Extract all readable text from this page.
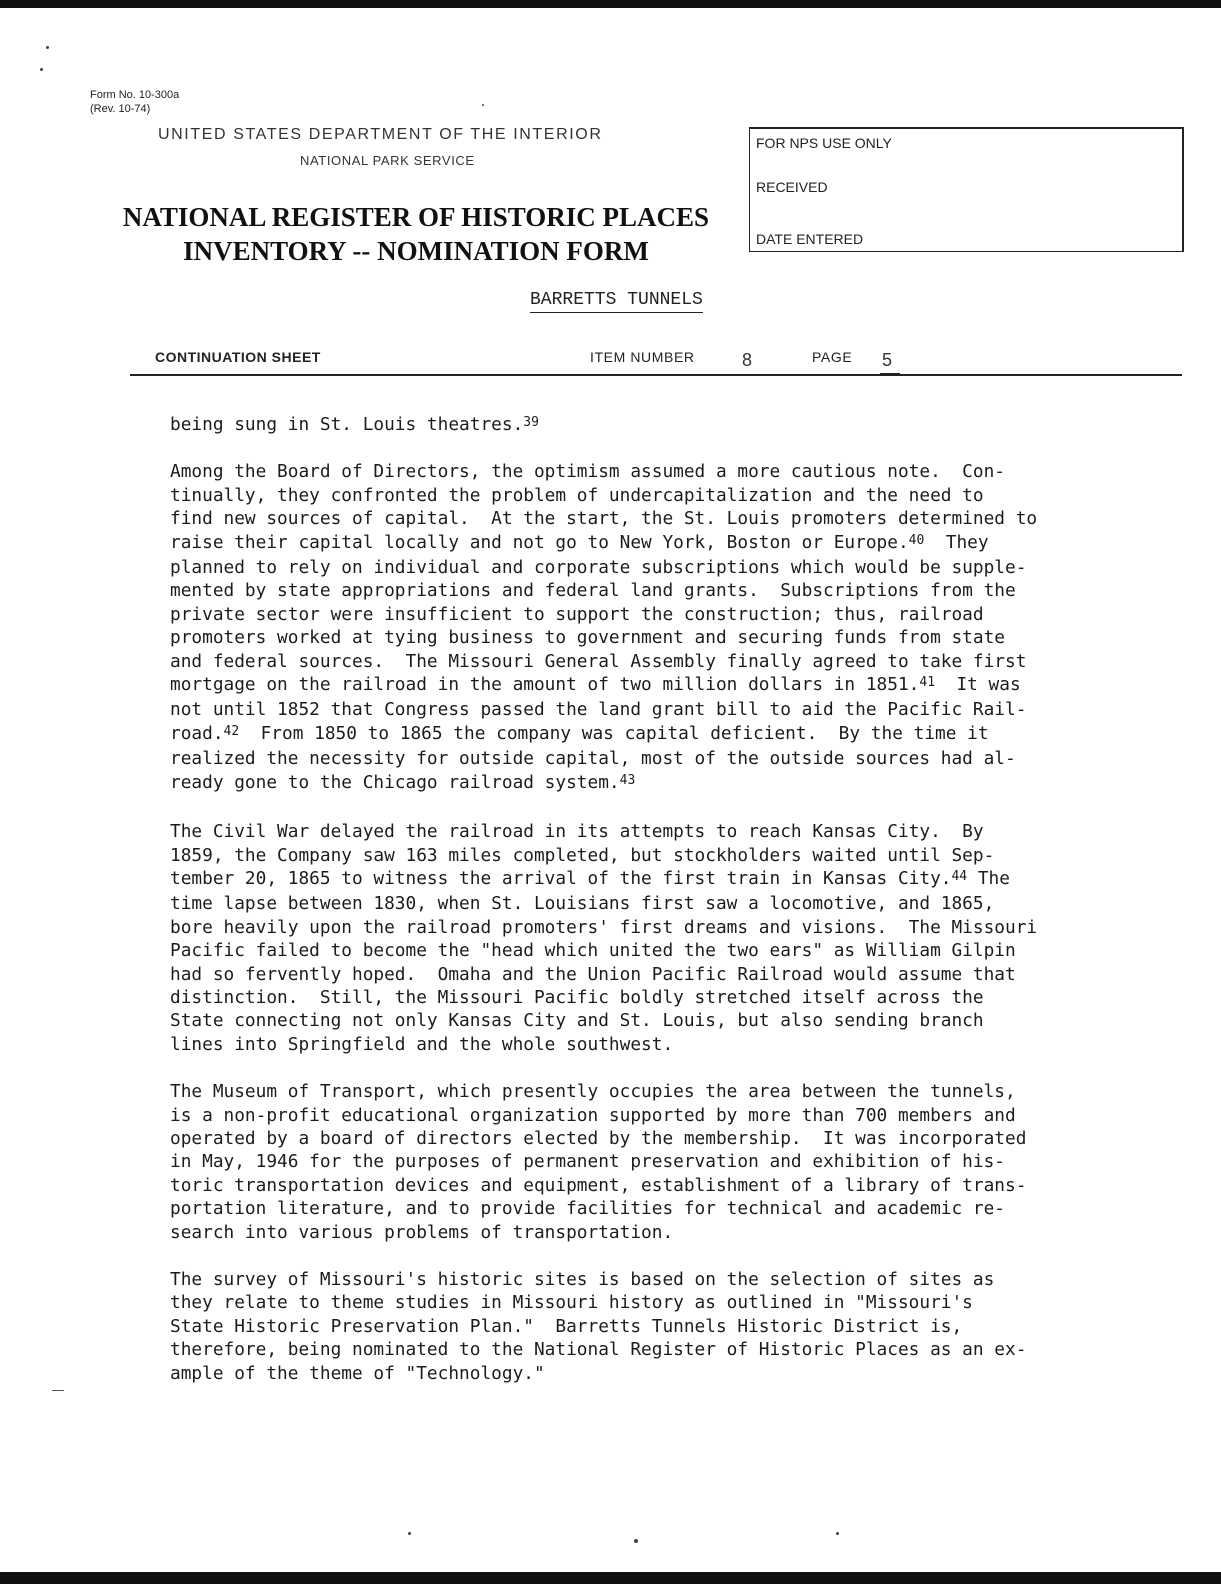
Form No. 10-300a
(Rev. 10-74)
UNITED STATES DEPARTMENT OF THE INTERIOR
NATIONAL PARK SERVICE
NATIONAL REGISTER OF HISTORIC PLACES
INVENTORY -- NOMINATION FORM
FOR NPS USE ONLY
RECEIVED
DATE ENTERED
BARRETTS TUNNELS
CONTINUATION SHEET	ITEM NUMBER	8	PAGE 5

being sung in St. Louis theatres.$^{39}$

Among the Board of Directors, the optimism assumed a more cautious note.  Con-
tinually, they confronted the problem of undercapitalization and the need to
find new sources of capital.  At the start, the St. Louis promoters determined to
raise their capital locally and not go to New York, Boston or Europe.$^{40}$  They
planned to rely on individual and corporate subscriptions which would be supple-
mented by state appropriations and federal land grants.  Subscriptions from the
private sector were insufficient to support the construction; thus, railroad
promoters worked at tying business to government and securing funds from state
and federal sources.  The Missouri General Assembly finally agreed to take first
mortgage on the railroad in the amount of two million dollars in 1851.41  It was
not until 1852 that Congress passed the land grant bill to aid the Pacific Rail-
road.$^{42}$  From 1850 to 1865 the company was capital deficient.  By the time it
realized the necessity for outside capital, most of the outside sources had al-
ready gone to the Chicago railroad system.$^{43}$

The Civil War delayed the railroad in its attempts to reach Kansas City.  By
1859, the Company saw 163 miles completed, but stockholders waited until Sep-
tember 20, 1865 to witness the arrival of the first train in Kansas City.$^{44}$ The
time lapse between 1830, when St. Louisians first saw a locomotive, and 1865,
bore heavily upon the railroad promoters' first dreams and visions.  The Missouri
Pacific failed to become the "head which united the two ears" as William Gilpin
had so fervently hoped.  Omaha and the Union Pacific Railroad would assume that
distinction.  Still, the Missouri Pacific boldly stretched itself across the
State connecting not only Kansas City and St. Louis, but also sending branch
lines into Springfield and the whole southwest.

The Museum of Transport, which presently occupies the area between the tunnels,
is a non-profit educational organization supported by more than 700 members and
operated by a board of directors elected by the membership.  It was incorporated
in May, 1946 for the purposes of permanent preservation and exhibition of his-
toric transportation devices and equipment, establishment of a library of trans-
portation literature, and to provide facilities for technical and academic re-
search into various problems of transportation.

The survey of Missouri's historic sites is based on the selection of sites as
they relate to theme studies in Missouri history as outlined in "Missouri's
State Historic Preservation Plan."  Barretts Tunnels Historic District is,
therefore, being nominated to the National Register of Historic Places as an ex-
ample of the theme of "Technology."
